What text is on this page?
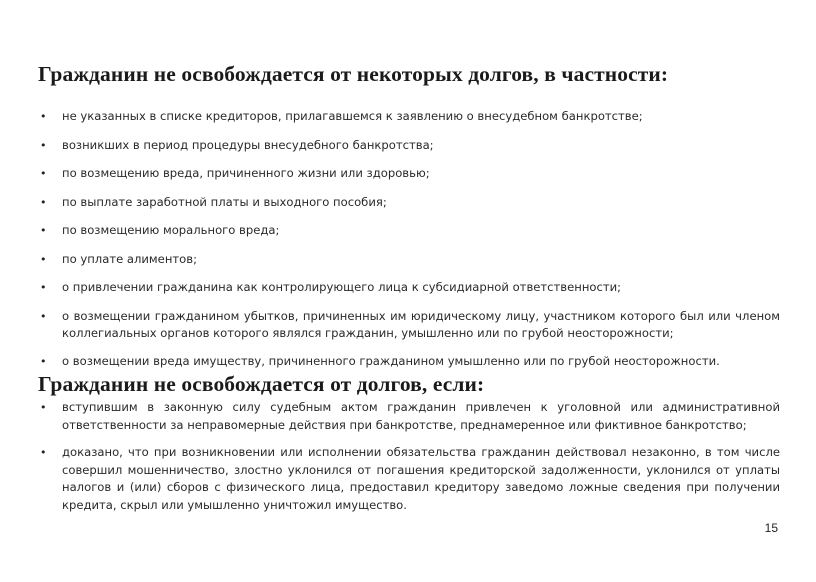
Гражданин не освобождается от некоторых долгов, в частности:
• не указанных в списке кредиторов, прилагавшемся к заявлению о внесудебном банкротстве;
• возникших в период процедуры внесудебного банкротства;
• по возмещению вреда, причиненного жизни или здоровью;
• по выплате заработной платы и выходного пособия;
• по возмещению морального вреда;
• по уплате алиментов;
• о привлечении гражданина как контролирующего лица к субсидиарной ответственности;
• о возмещении гражданином убытков, причиненных им юридическому лицу, участником которого был или членом коллегиальных органов которого являлся гражданин, умышленно или по грубой неосторожности;
• о возмещении вреда имуществу, причиненного гражданином умышленно или по грубой неосторожности.
Гражданин не освобождается от долгов, если:
• вступившим в законную силу судебным актом гражданин привлечен к уголовной или административной ответственности за неправомерные действия при банкротстве, преднамеренное или фиктивное банкротство;
• доказано, что при возникновении или исполнении обязательства гражданин действовал незаконно, в том числе совершил мошенничество, злостно уклонился от погашения кредиторской задолженности, уклонился от уплаты налогов и (или) сборов с физического лица, предоставил кредитору заведомо ложные сведения при получении кредита, скрыл или умышленно уничтожил имущество.
15
